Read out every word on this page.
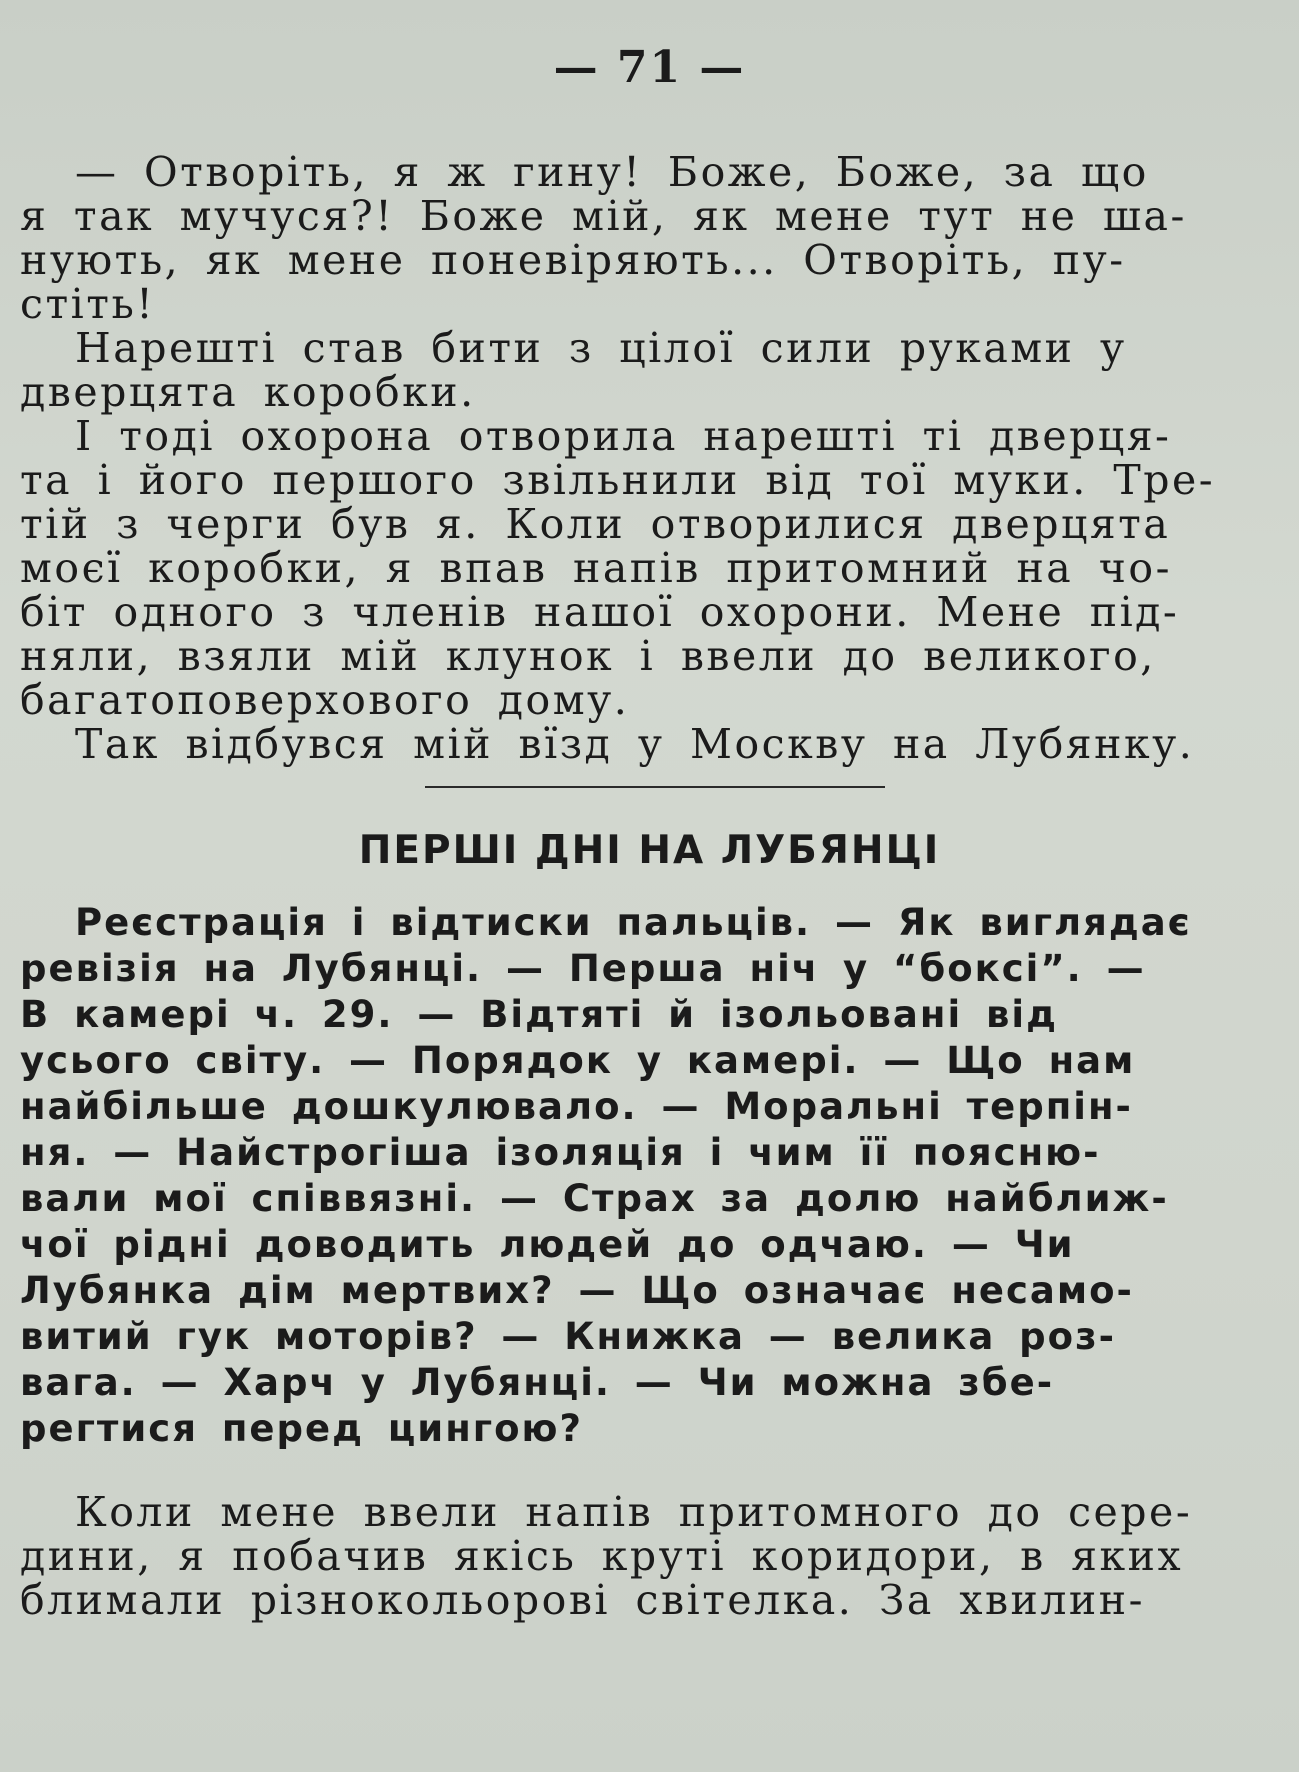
— 71 —
— Отворіть, я ж гину! Боже, Боже, за що
я так мучуся?! Боже мій, як мене тут не ша-
нують, як мене поневіряють... Отворіть, пу-
стіть!
Нарешті став бити з цілої сили руками у
дверцята коробки.
І тоді охорона отворила нарешті ті дверця-
та і його першого звільнили від тої муки. Тре-
тій з черги був я. Коли отворилися дверцята
моєї коробки, я впав напів притомний на чо-
біт одного з членів нашої охорони. Мене під-
няли, взяли мій клунок і ввели до великого,
багатоповерхового дому.
Так відбувся мій вїзд у Москву на Лубянку.
ПЕРШІ ДНІ НА ЛУБЯНЦІ
Реєстрація і відтиски пальців. — Як виглядає
ревізія на Лубянці. — Перша ніч у “боксі”. —
В камері ч. 29. — Відтяті й ізольовані від
усього світу. — Порядок у камері. — Що нам
найбільше дошкулювало. — Моральні терпін-
ня. — Найстрогіша ізоляція і чим її поясню-
вали мої співвязні. — Страх за долю найближ-
чої рідні доводить людей до одчаю. — Чи
Лубянка дім мертвих? — Що означає несамо-
витий гук моторів? — Книжка — велика роз-
вага. — Харч у Лубянці. — Чи можна збе-
регтися перед цингою?
Коли мене ввели напів притомного до сере-
дини, я побачив якісь круті коридори, в яких
блимали різнокольорові світелка. За хвилин-
